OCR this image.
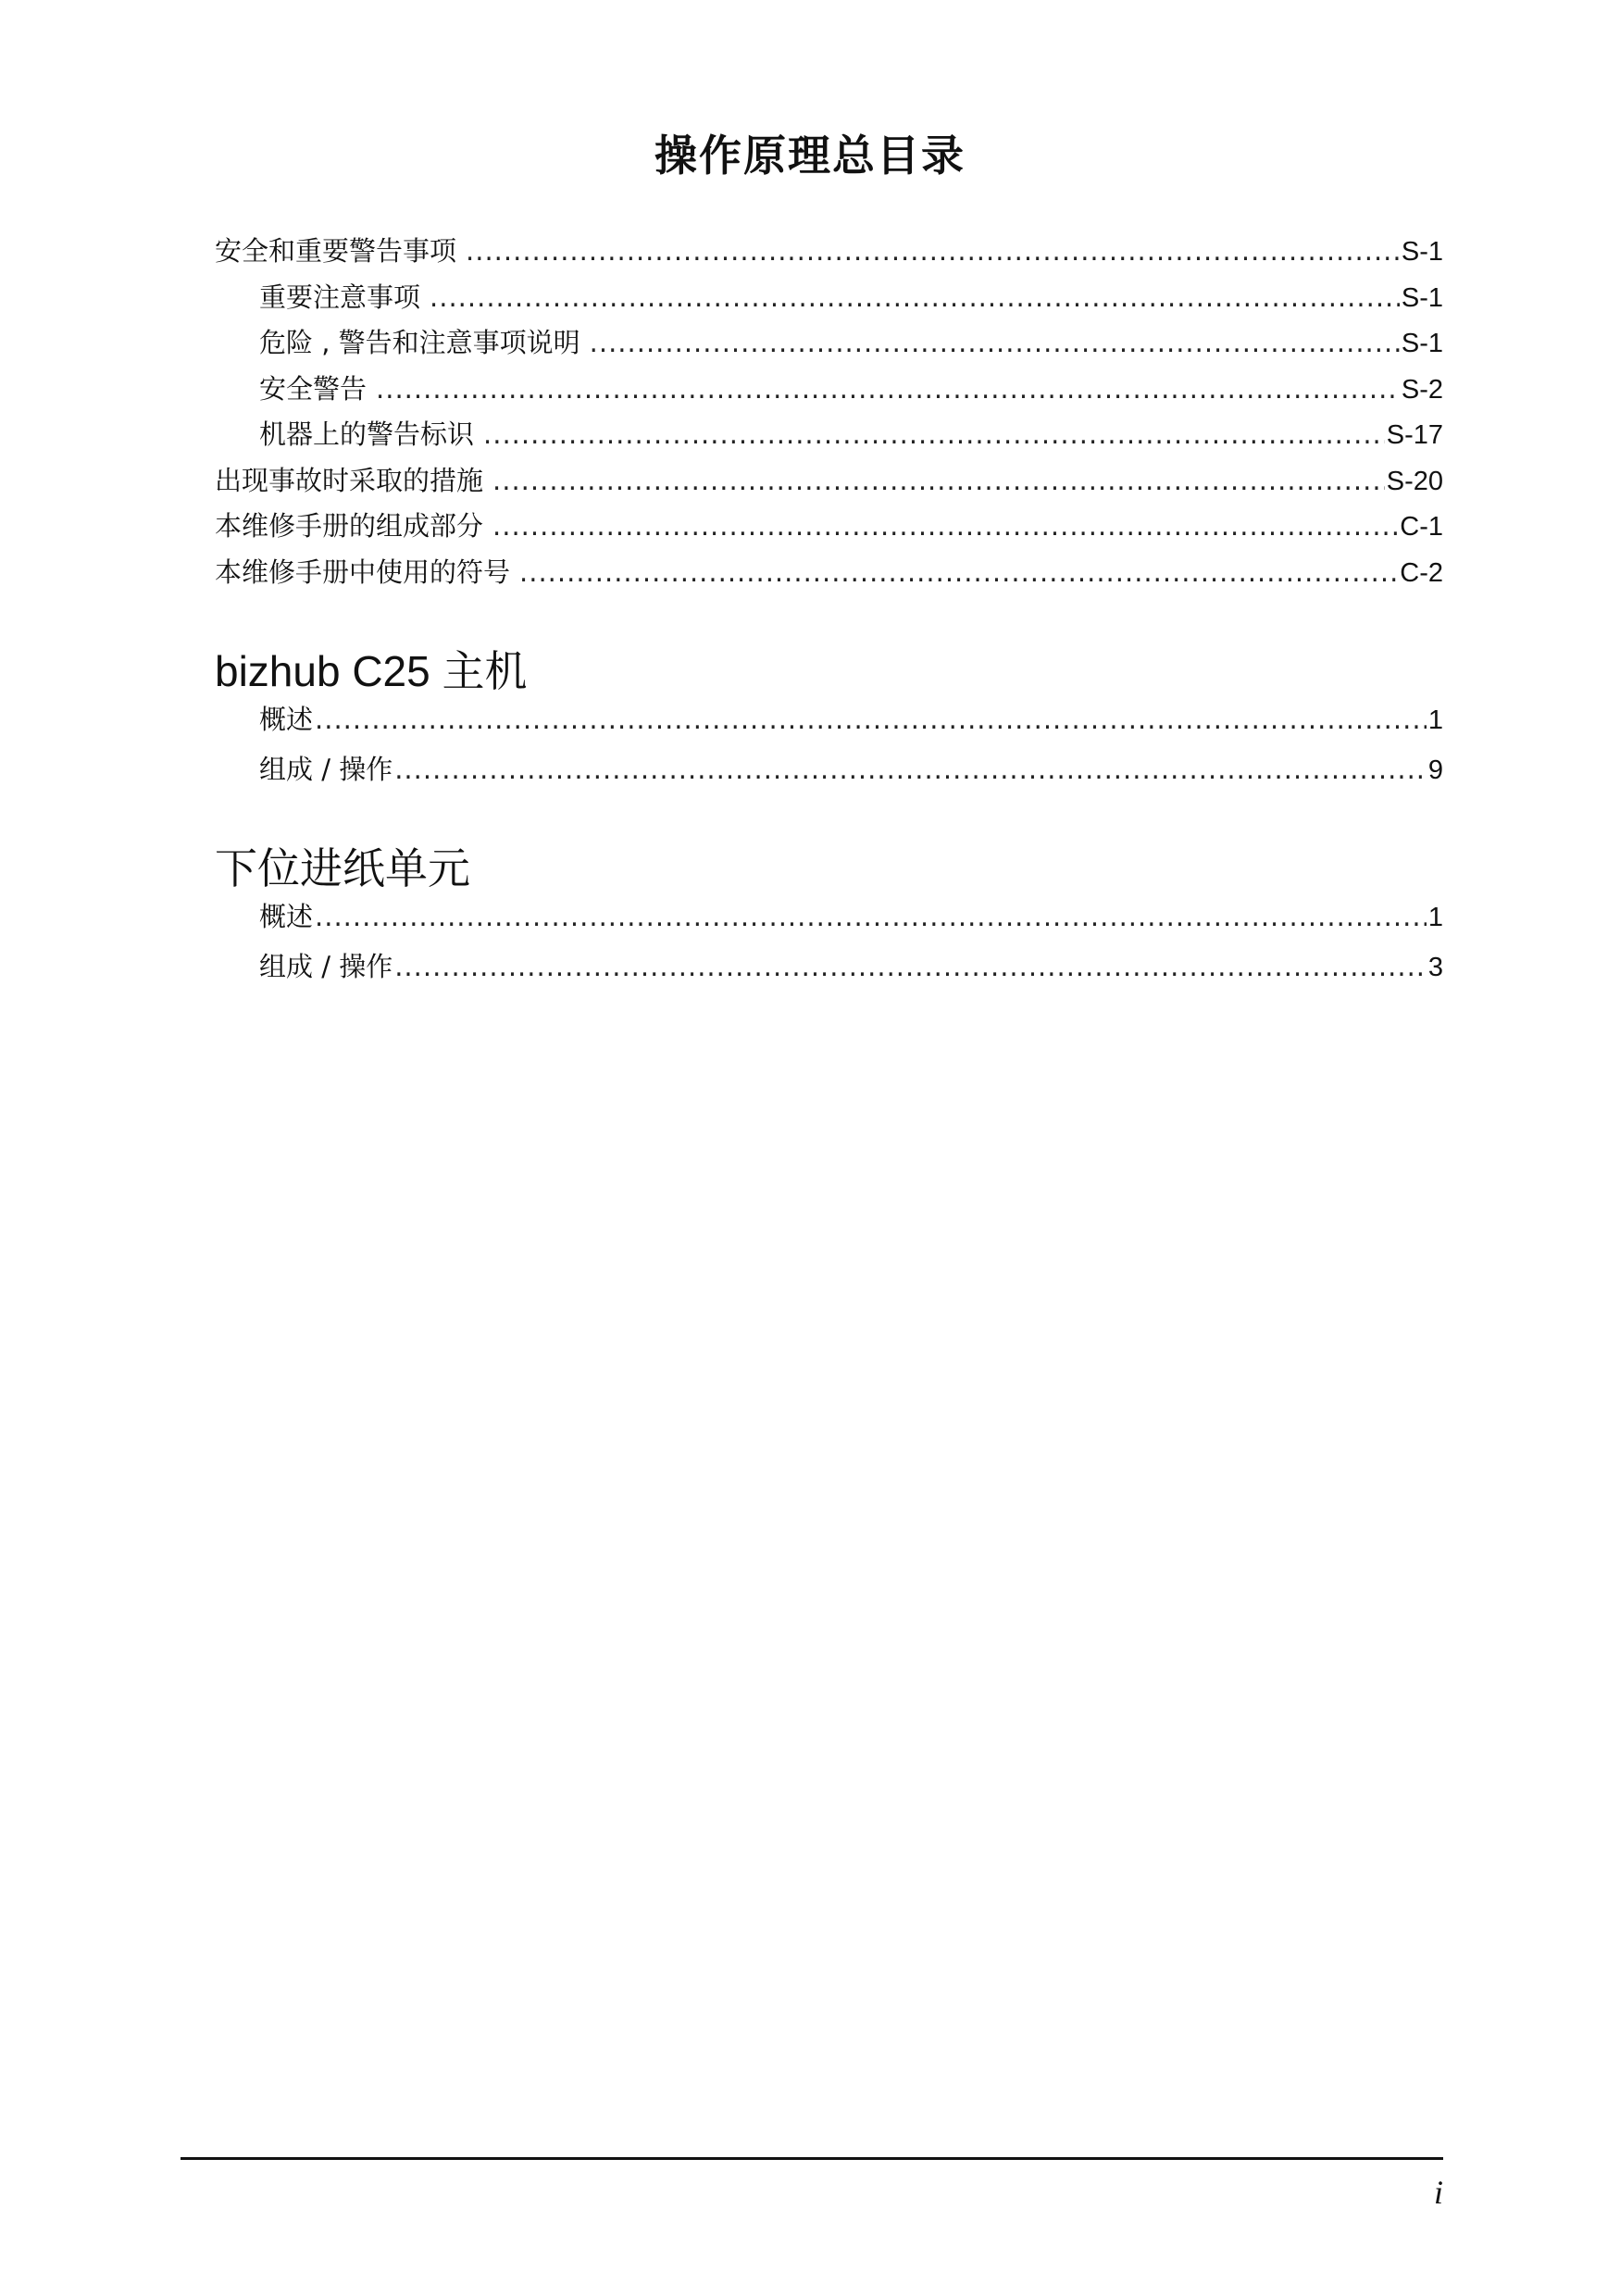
操作原理总目录
安全和重要警告事项 .....	S-1
重要注意事项 .....	S-1
危险 , 警告和注意事项说明 .....	S-1
安全警告 .....	S-2
机器上的警告标识 .....	S-17
出现事故时采取的措施 .....	S-20
本维修手册的组成部分 .....	C-1
本维修手册中使用的符号 .....	C-2
bizhub C25 主机
概述 .....	1
组成 / 操作 .....	9
下位进纸单元
概述 .....	1
组成 / 操作 .....	3
i
